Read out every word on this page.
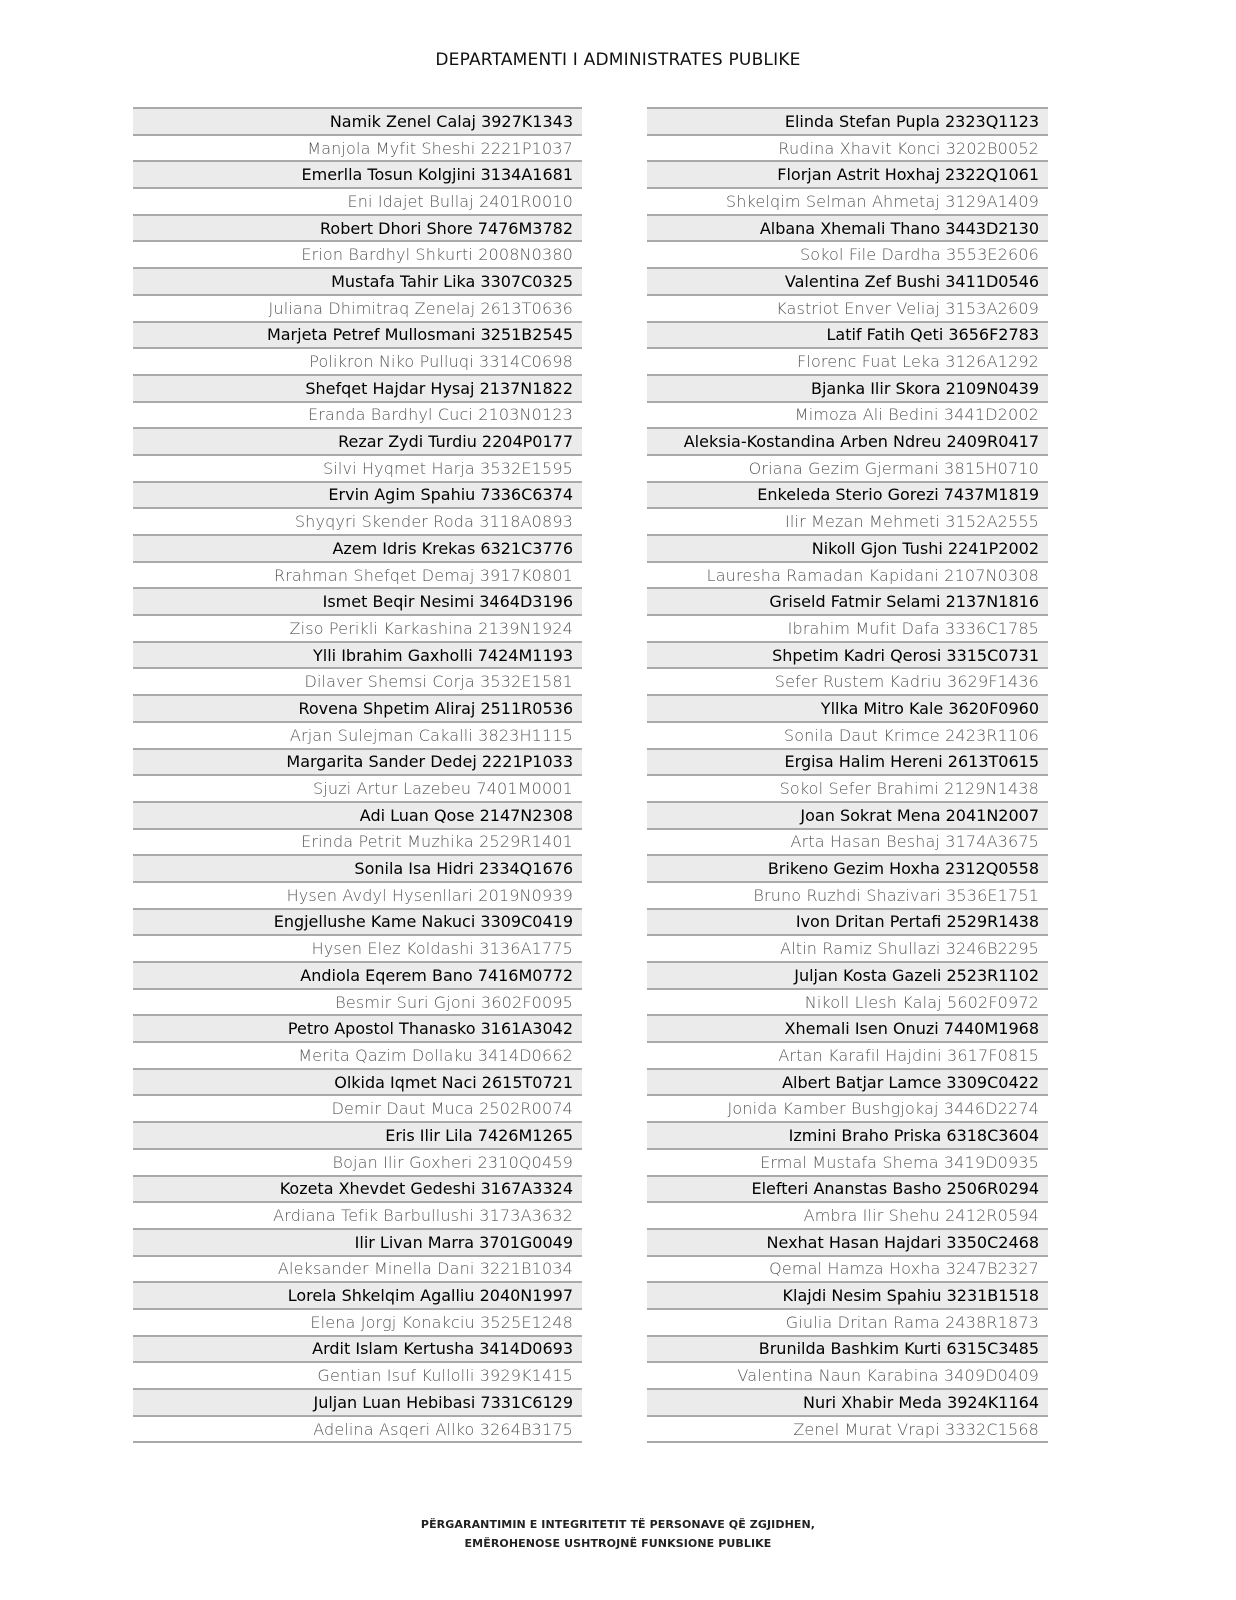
DEPARTAMENTI I ADMINISTRATES PUBLIKE
Namik Zenel Calaj 3927K1343
Manjola Myfit Sheshi 2221P1037
Emerlla Tosun Kolgjini 3134A1681
Eni Idajet Bullaj 2401R0010
Robert Dhori Shore 7476M3782
Erion Bardhyl Shkurti 2008N0380
Mustafa Tahir Lika 3307C0325
Juliana Dhimitraq Zenelaj 2613T0636
Marjeta Petref Mullosmani 3251B2545
Polikron Niko Pulluqi 3314C0698
Shefqet Hajdar Hysaj 2137N1822
Eranda Bardhyl Cuci 2103N0123
Rezar Zydi Turdiu 2204P0177
Silvi Hyqmet Harja 3532E1595
Ervin Agim Spahiu 7336C6374
Shyqyri Skender Roda 3118A0893
Azem Idris Krekas 6321C3776
Rrahman Shefqet Demaj 3917K0801
Ismet Beqir Nesimi 3464D3196
Ziso Perikli Karkashina 2139N1924
Ylli Ibrahim Gaxholli 7424M1193
Dilaver Shemsi Corja 3532E1581
Rovena Shpetim Aliraj 2511R0536
Arjan Sulejman Cakalli 3823H1115
Margarita Sander Dedej 2221P1033
Sjuzi Artur Lazebeu 7401M0001
Adi Luan Qose 2147N2308
Erinda Petrit Muzhika 2529R1401
Sonila Isa Hidri 2334Q1676
Hysen Avdyl Hysenllari 2019N0939
Engjellushe Kame Nakuci 3309C0419
Hysen Elez Koldashi 3136A1775
Andiola Eqerem Bano 7416M0772
Besmir Suri Gjoni 3602F0095
Petro Apostol Thanasko 3161A3042
Merita Qazim Dollaku 3414D0662
Olkida Iqmet Naci 2615T0721
Demir Daut Muca 2502R0074
Eris Ilir Lila 7426M1265
Bojan Ilir Goxheri 2310Q0459
Kozeta Xhevdet Gedeshi 3167A3324
Ardiana Tefik Barbullushi 3173A3632
Ilir Livan Marra 3701G0049
Aleksander Minella Dani 3221B1034
Lorela Shkelqim Agalliu 2040N1997
Elena Jorgj Konakciu 3525E1248
Ardit Islam Kertusha 3414D0693
Gentian Isuf Kullolli 3929K1415
Juljan Luan Hebibasi 7331C6129
Adelina Asqeri Allko 3264B3175
Elinda Stefan Pupla 2323Q1123
Rudina Xhavit Konci 3202B0052
Florjan Astrit Hoxhaj 2322Q1061
Shkelqim Selman Ahmetaj 3129A1409
Albana Xhemali Thano 3443D2130
Sokol File Dardha 3553E2606
Valentina Zef Bushi 3411D0546
Kastriot Enver Veliaj 3153A2609
Latif Fatih Qeti 3656F2783
Florenc Fuat Leka 3126A1292
Bjanka Ilir Skora 2109N0439
Mimoza Ali Bedini 3441D2002
Aleksia-Kostandina Arben Ndreu 2409R0417
Oriana Gezim Gjermani 3815H0710
Enkeleda Sterio Gorezi 7437M1819
Ilir Mezan Mehmeti 3152A2555
Nikoll Gjon Tushi 2241P2002
Lauresha Ramadan Kapidani 2107N0308
Griseld Fatmir Selami 2137N1816
Ibrahim Mufit Dafa 3336C1785
Shpetim Kadri Qerosi 3315C0731
Sefer Rustem Kadriu 3629F1436
Yllka Mitro Kale 3620F0960
Sonila Daut Krimce 2423R1106
Ergisa Halim Hereni 2613T0615
Sokol Sefer Brahimi 2129N1438
Joan Sokrat Mena 2041N2007
Arta Hasan Beshaj 3174A3675
Brikeno Gezim Hoxha 2312Q0558
Bruno Ruzhdi Shazivari 3536E1751
Ivon Dritan Pertafi 2529R1438
Altin Ramiz Shullazi 3246B2295
Juljan Kosta Gazeli 2523R1102
Nikoll Llesh Kalaj 5602F0972
Xhemali Isen Onuzi 7440M1968
Artan Karafil Hajdini 3617F0815
Albert Batjar Lamce 3309C0422
Jonida Kamber Bushgjokaj 3446D2274
Izmini Braho Priska 6318C3604
Ermal Mustafa Shema 3419D0935
Elefteri Ananstas Basho 2506R0294
Ambra Ilir Shehu 2412R0594
Nexhat Hasan Hajdari 3350C2468
Qemal Hamza Hoxha 3247B2327
Klajdi Nesim Spahiu 3231B1518
Giulia Dritan Rama 2438R1873
Brunilda Bashkim Kurti 6315C3485
Valentina Naun Karabina 3409D0409
Nuri Xhabir Meda 3924K1164
Zenel Murat Vrapi 3332C1568
PËRGARANTIMIN E INTEGRITETIT TË PERSONAVE QË ZGJIDHEN,
EMËROHENOSE USHTROJNË FUNKSIONE PUBLIKE
